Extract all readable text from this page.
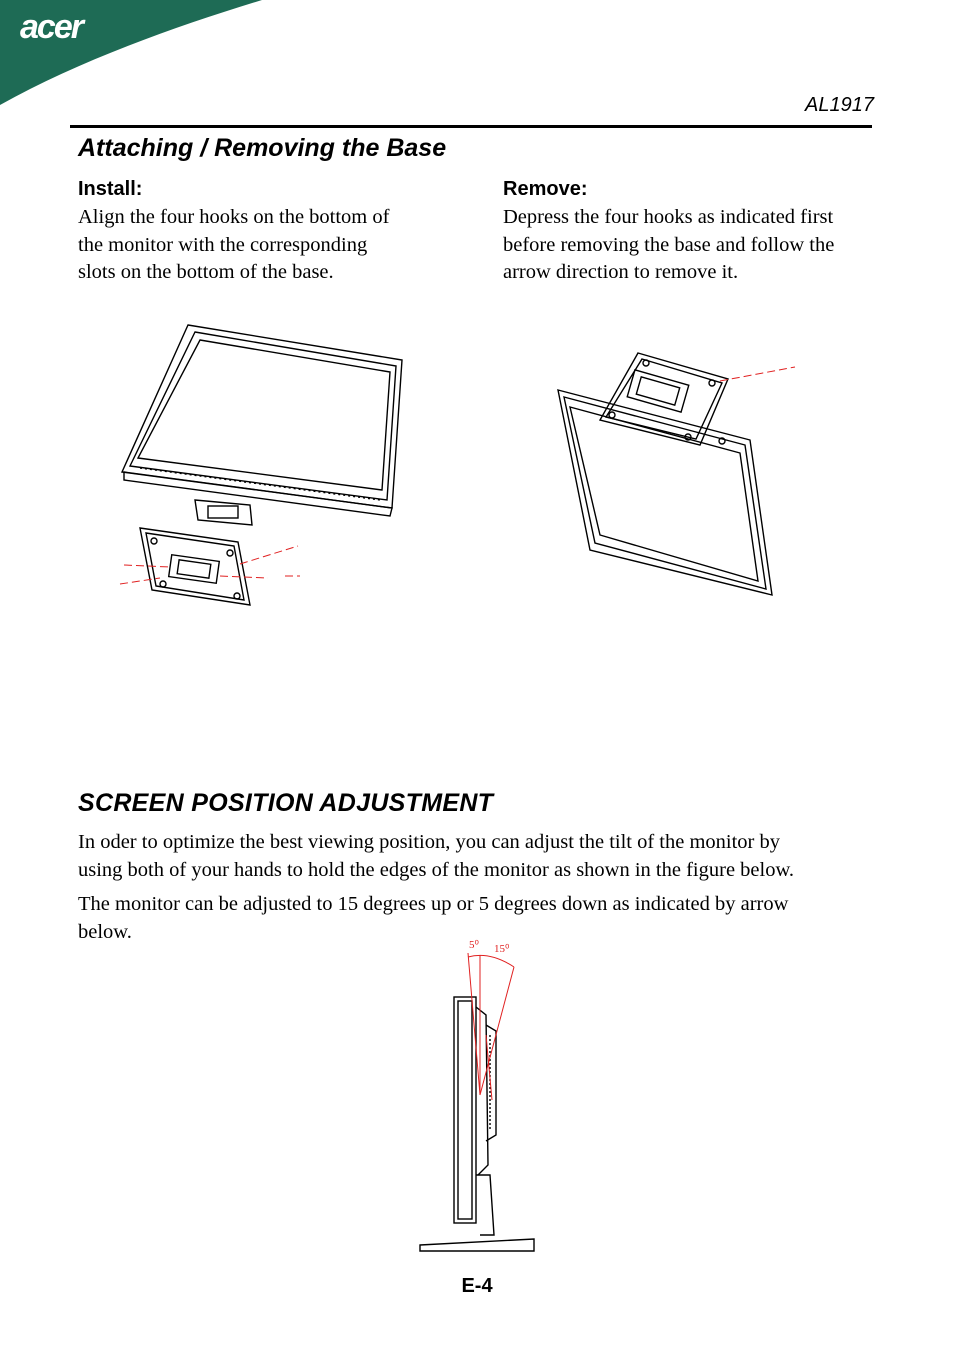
acer
AL1917
Attaching / Removing the Base
Install:
Align the four hooks on the bottom of
the monitor with the corresponding
slots on the bottom of the base.
Remove:
Depress the four hooks as indicated first
before removing the base and follow the
arrow direction to remove it.
SCREEN POSITION ADJUSTMENT
In oder to optimize the best viewing position, you can adjust the tilt of the monitor by
using both of your hands to hold the edges of the monitor as shown in the figure below.
The monitor can be adjusted to 15 degrees up or 5 degrees down as indicated by arrow
below.
5⁰ 15⁰
E-4
